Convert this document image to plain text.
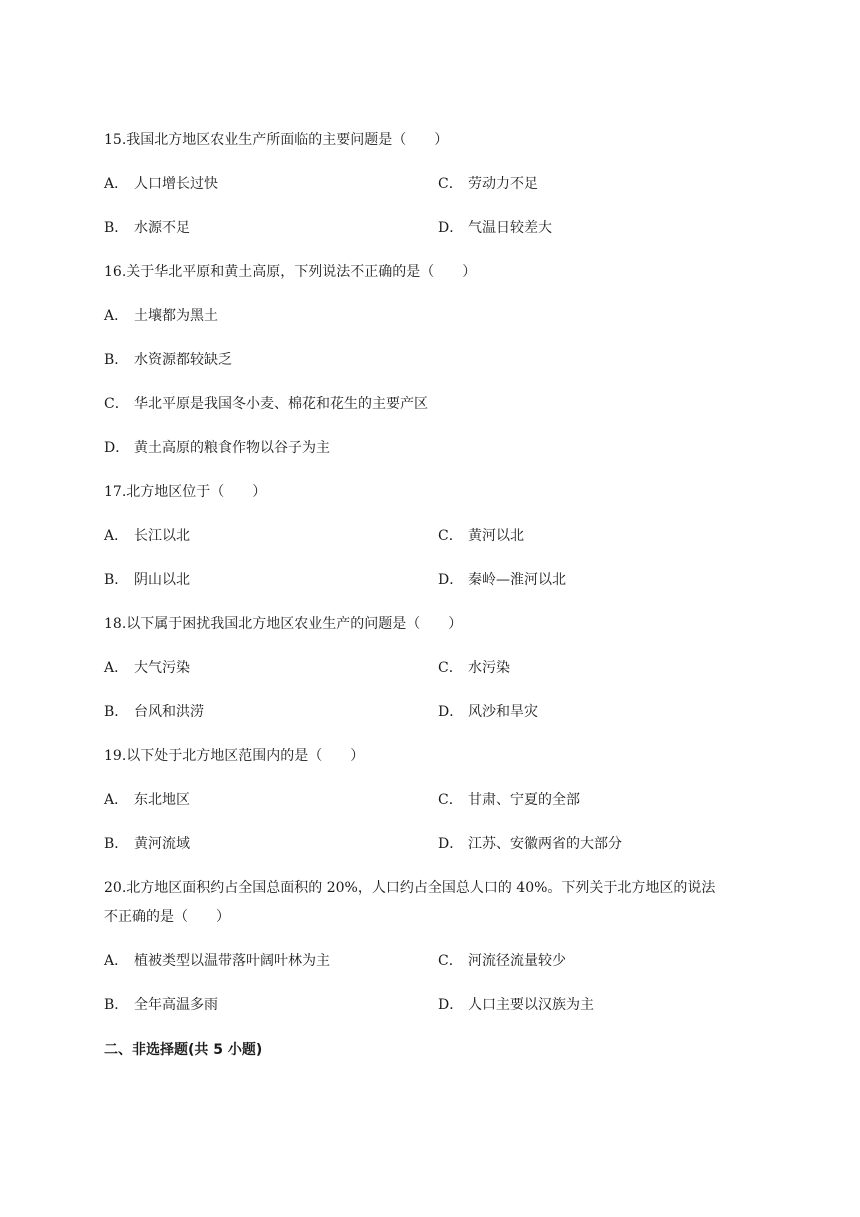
15.我国北方地区农业生产所面临的主要问题是（　　）
A． 人口增长过快	C． 劳动力不足
B． 水源不足	D． 气温日较差大
16.关于华北平原和黄土高原，下列说法不正确的是（　　）
A． 土壤都为黑土
B． 水资源都较缺乏
C． 华北平原是我国冬小麦、棉花和花生的主要产区
D． 黄土高原的粮食作物以谷子为主
17.北方地区位于（　　）
A． 长江以北	C． 黄河以北
B． 阴山以北	D． 秦岭—淮河以北
18.以下属于困扰我国北方地区农业生产的问题是（　　）
A． 大气污染	C． 水污染
B． 台风和洪涝	D． 风沙和旱灾
19.以下处于北方地区范围内的是（　　）
A． 东北地区	C． 甘肃、宁夏的全部
B． 黄河流域	D． 江苏、安徽两省的大部分
20.北方地区面积约占全国总面积的 20%，人口约占全国总人口的 40%。下列关于北方地区的说法
不正确的是（　　）
A． 植被类型以温带落叶阔叶林为主	C． 河流径流量较少
B． 全年高温多雨	D． 人口主要以汉族为主
二、非选择题(共 5 小题)
